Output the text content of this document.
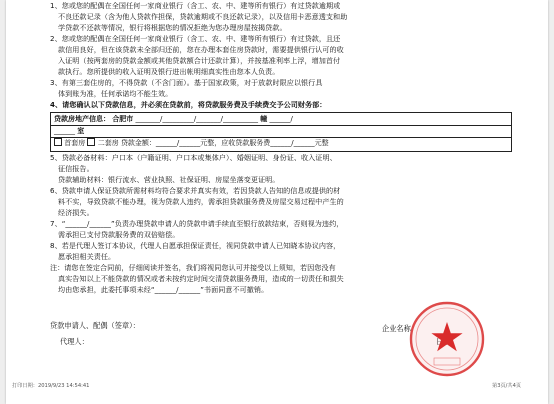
1、您或您的配偶在全国任何一家商业银行（含工、农、中、建等所有银行）有过贷款逾期或
不良还款记录（含为他人贷款作担保，贷款逾期或不良还款记录），以及信用卡恶意透支和助
学贷款不还款等情况，银行将根据您的情况拒绝为您办理房屋按揭贷款。
2、您或您的配偶在全国任何一家商业银行（含工、农、中、建等所有银行）有过贷款，且还
款信用良好，但在该贷款未全部归还前，您在办理本套住房贷款时，需要提供银行认可的收
入证明（按两套房的贷款金额或其他贷款额合计还款计算），并按基准利率上浮，增加首付
款执行。您所提供的收入证明及银行进出帐明细真实性由您本人负责。
3、有第三套住房的，不得贷款（不含门面）。基于国家政策，对于放款时限应以银行具
体到账为准，任何承诺均不能生效。
4、请您确认以下贷款信息，并必须在贷款前，将贷款服务费及手续费交予公司财务部：
贷款房地产信息： 合肥市 _______/_________/_______/__________ 幢 ______/
______ 室
首套房 二套房 贷款金额：______/______元整，应收贷款服务费______/______元整
5、贷款必备材料：户口本（户籍证明、户口本或集体户）、婚姻证明、身份证、收入证明、
征信报告。
贷款辅助材料：银行流水、营业执照、社保证明、房屋坐落变更证明。
6、贷款申请人保证贷款所需材料均符合要求并真实有效，若因贷款人告知的信息或提供的材
料不实，导致贷款不能办理，视为贷款人违约，需承担贷款服务费及房屋交易过程中产生的
经济损失。
7、“______/______”负责办理贷款申请人的贷款申请手续直至银行放款结束，否则视为违约，
需承担已支付贷款服务费的双倍赔偿。
8、若是代理人签订本协议，代理人自愿承担保证责任，视同贷款申请人已知晓本协议内容，
愿承担相关责任。
注：请您在签定合同前，仔细阅读并签名，我们将视同您认可并接受以上须知，若因您没有
真实告知以上不能贷款的情况或者未按约定时间交清贷款服务费用，造成的一切责任和损失
均由您承担，此委托事项未经“______/______”书面同意不可撤销。
贷款申请人、配偶（签章）：
代理人：
企业名称
打印日期：2019/9/23 14:54:41	第3页/共4页
